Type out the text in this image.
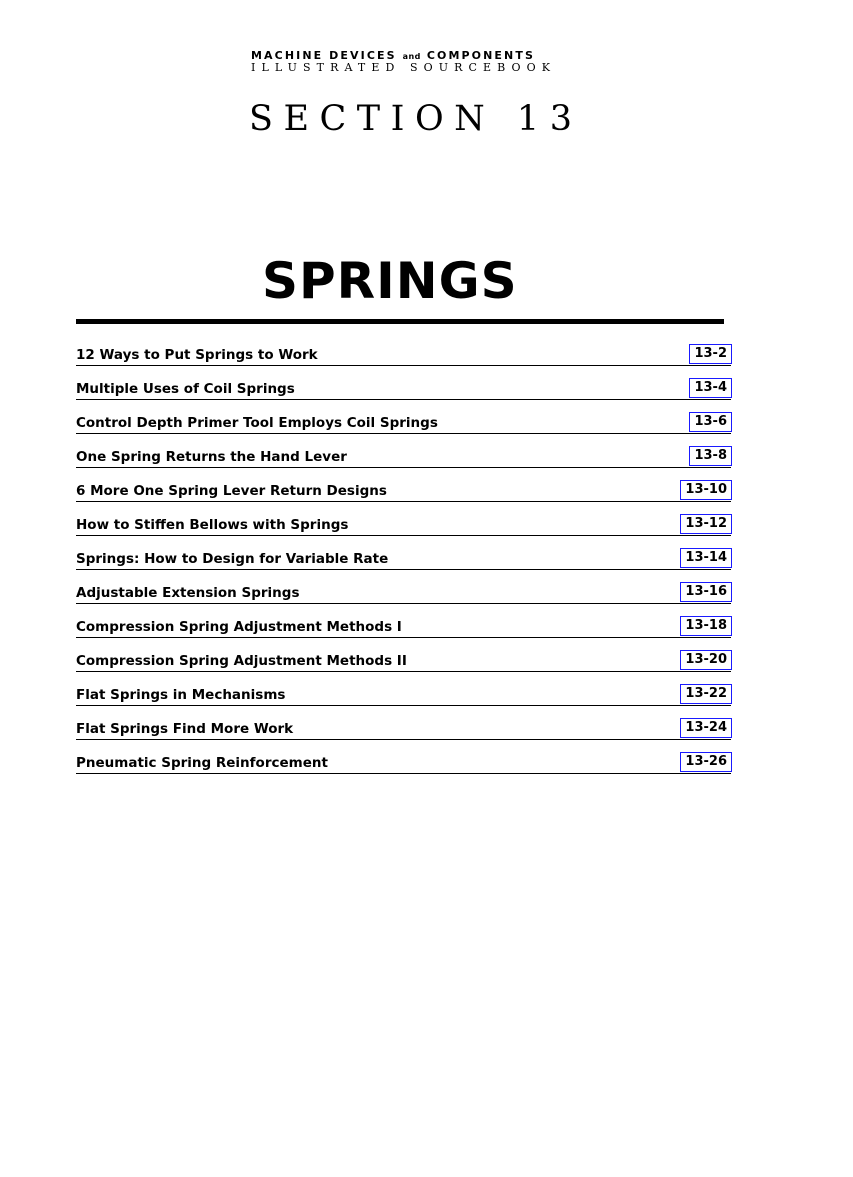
MACHINE DEVICES and COMPONENTS
ILLUSTRATED SOURCEBOOK
SECTION 13
SPRINGS
12 Ways to Put Springs to Work	13-2
Multiple Uses of Coil Springs	13-4
Control Depth Primer Tool Employs Coil Springs	13-6
One Spring Returns the Hand Lever	13-8
6 More One Spring Lever Return Designs	13-10
How to Stiffen Bellows with Springs	13-12
Springs: How to Design for Variable Rate	13-14
Adjustable Extension Springs	13-16
Compression Spring Adjustment Methods I	13-18
Compression Spring Adjustment Methods II	13-20
Flat Springs in Mechanisms	13-22
Flat Springs Find More Work	13-24
Pneumatic Spring Reinforcement	13-26
